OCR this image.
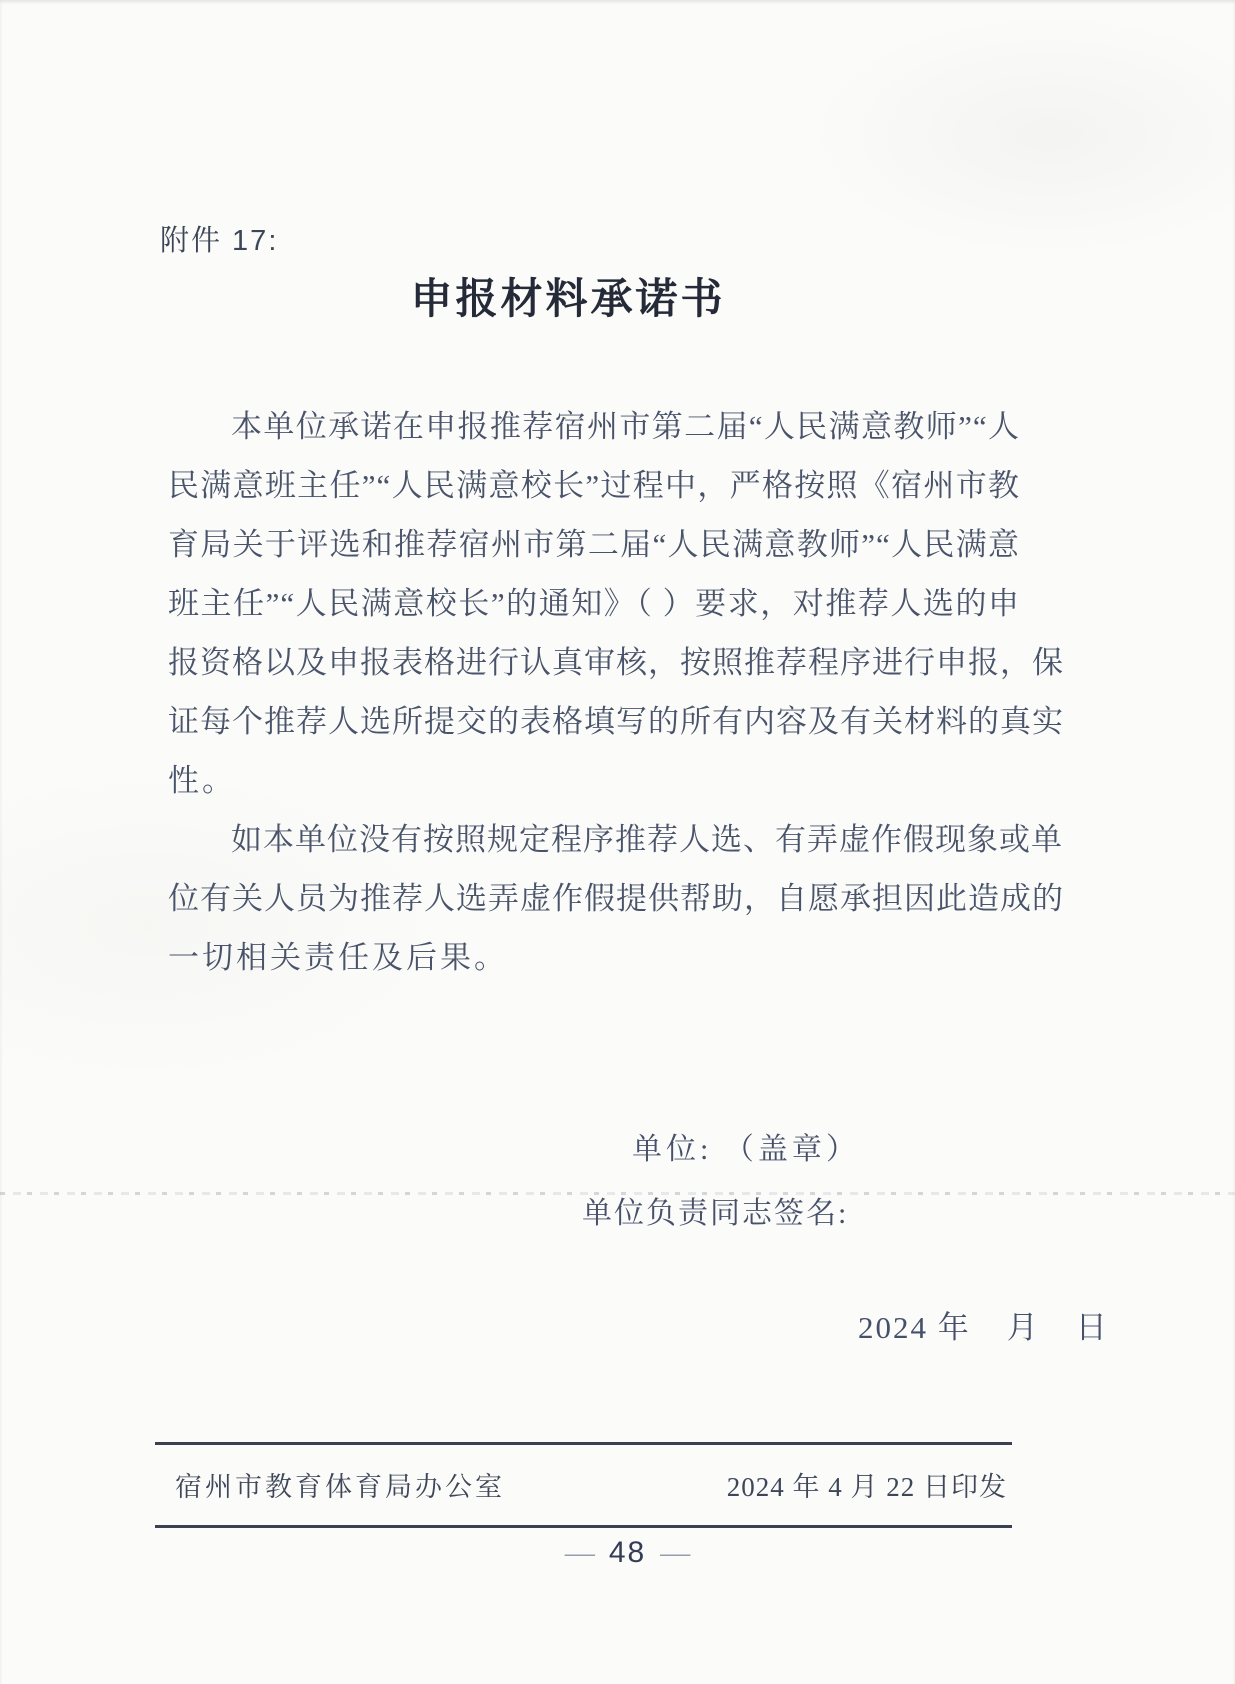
附件 17:
申报材料承诺书
本单位承诺在申报推荐宿州市第二届“人民满意教师”“人
民满意班主任”“人民满意校长”过程中，严格按照《宿州市教
育局关于评选和推荐宿州市第二届“人民满意教师”“人民满意
班主任”“人民满意校长”的通知》（ ）要求，对推荐人选的申
报资格以及申报表格进行认真审核，按照推荐程序进行申报，保
证每个推荐人选所提交的表格填写的所有内容及有关材料的真实
性。
如本单位没有按照规定程序推荐人选、有弄虚作假现象或单
位有关人员为推荐人选弄虚作假提供帮助，自愿承担因此造成的
一切相关责任及后果。
单位: （盖章）
单位负责同志签名:
2024 年 月 日
宿州市教育体育局办公室	2024 年 4 月 22 日印发
— 48 —
